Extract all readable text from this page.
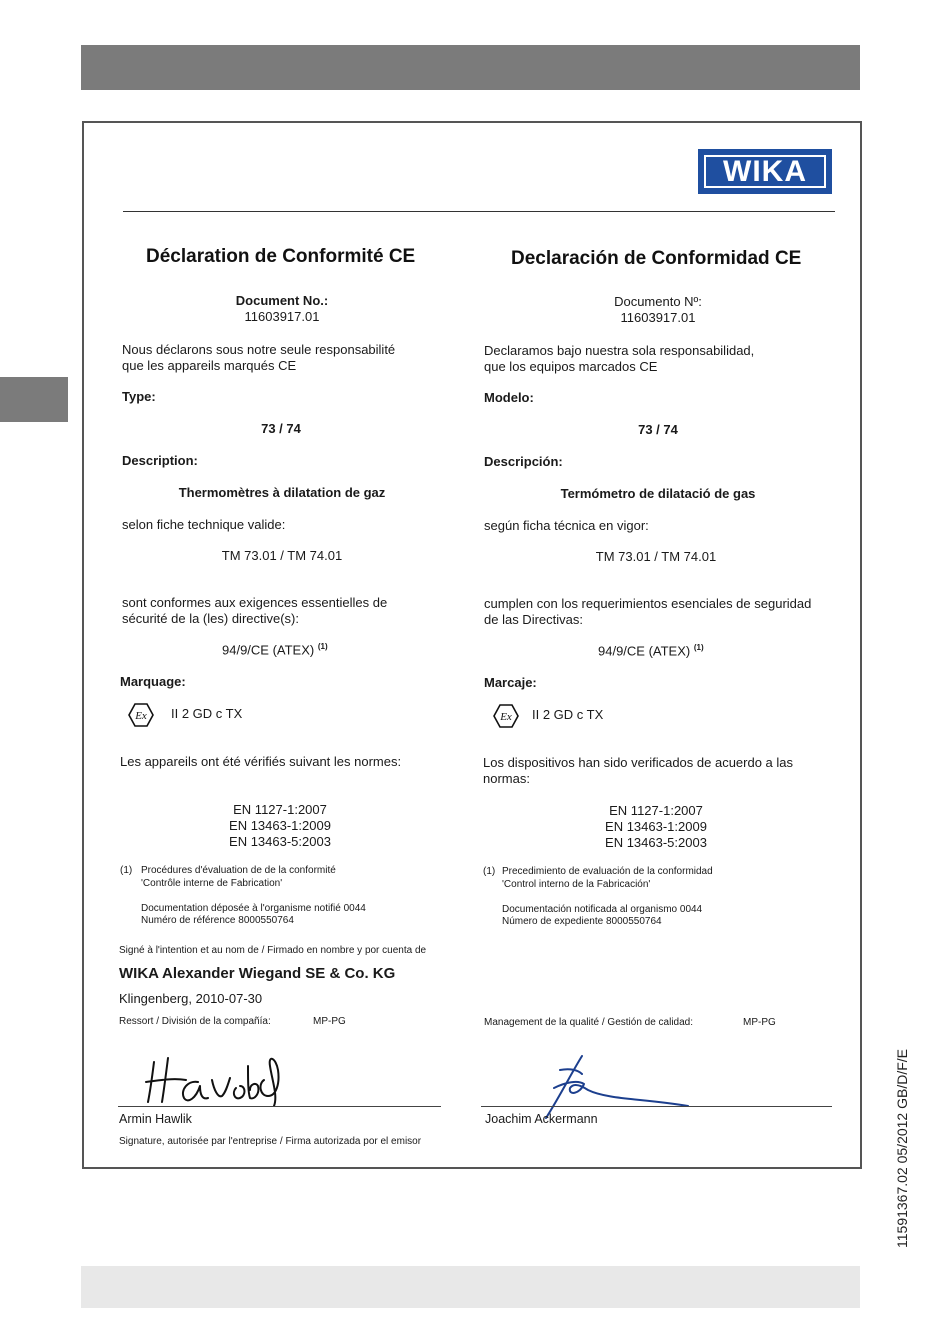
11591367.02 05/2012 GB/D/F/E
WIKA
Déclaration de Conformité CE
Document No.:
11603917.01
Nous déclarons sous notre seule responsabilité
que les appareils marqués CE
Type:
73 / 74
Description:
Thermomètres à dilatation de gaz
selon fiche technique valide:
TM 73.01 / TM 74.01
sont conformes aux exigences essentielles de
sécurité de la (les) directive(s):
94/9/CE (ATEX) $^{(1)}$
Marquage:
Ex II 2 GD c TX
Les appareils ont été vérifiés suivant les normes:
EN 1127-1:2007
EN 13463-1:2009
EN 13463-5:2003
(1) Procédures d'évaluation de de la conformité
'Contrôle interne de Fabrication'
Documentation déposée à l'organisme notifié 0044
Numéro de référence 8000550764
Declaración de Conformidad CE
Documento Nº:
11603917.01
Declaramos bajo nuestra sola responsabilidad,
que los equipos marcados CE
Modelo:
73 / 74
Descripción:
Termómetro de dilatació de gas
según ficha técnica en vigor:
TM 73.01 / TM 74.01
cumplen con los requerimientos esenciales de seguridad
de las Directivas:
94/9/CE (ATEX) $^{(1)}$
Marcaje:
Ex II 2 GD c TX
Los dispositivos han sido verificados de acuerdo a las
normas:
EN 1127-1:2007
EN 13463-1:2009
EN 13463-5:2003
(1) Precedimiento de evaluación de la conformidad
'Control interno de la Fabricación'
Documentación notificada al organismo 0044
Número de expediente 8000550764
Signé à l'intention et au nom de / Firmado en nombre y por cuenta de
WIKA Alexander Wiegand SE & Co. KG
Klingenberg, 2010-07-30
Ressort / División de la compañía:	MP-PG	Management de la qualité / Gestión de calidad:	MP-PG
Armin Hawlik	Joachim Ackermann
Signature, autorisée par l'entreprise / Firma autorizada por el emisor
